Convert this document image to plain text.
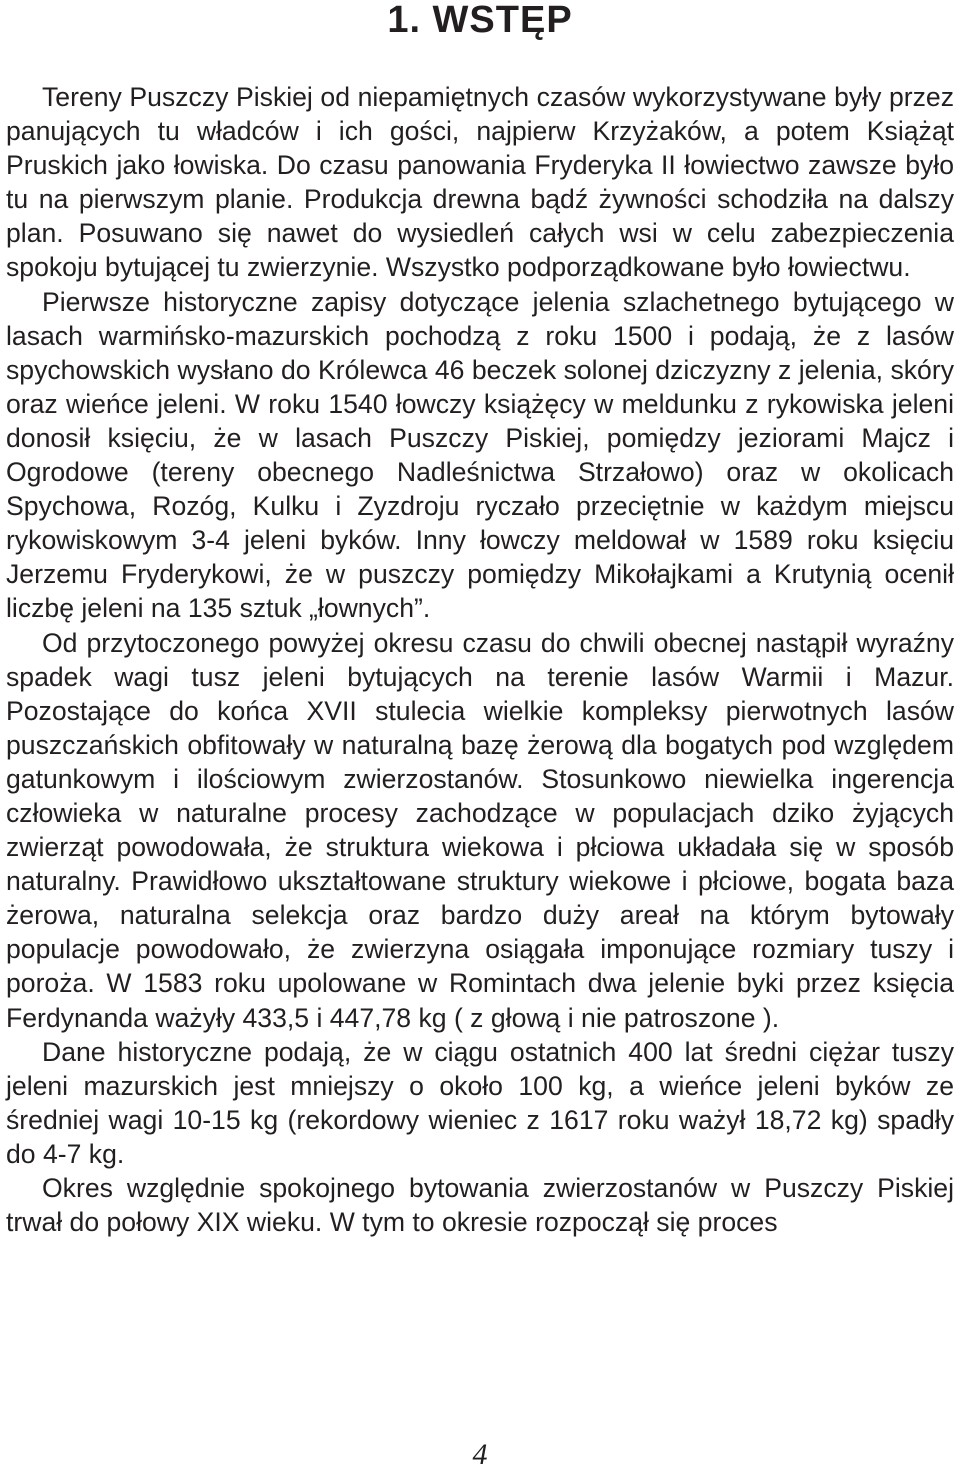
1. WSTĘP

Tereny Puszczy Piskiej od niepamiętnych czasów wykorzystywane były przez panujących tu władców i ich gości, najpierw Krzyżaków, a potem Książąt Pruskich jako łowiska. Do czasu panowania Fryderyka II łowiectwo zawsze było tu na pierwszym planie. Produkcja drewna bądź żywności schodziła na dalszy plan. Posuwano się nawet do wysiedleń całych wsi w celu zabezpieczenia spokoju bytującej tu zwierzynie. Wszystko podporządkowane było łowiectwu.

Pierwsze historyczne zapisy dotyczące jelenia szlachetnego bytującego w lasach warmińsko-mazurskich pochodzą z roku 1500 i podają, że z lasów spychowskich wysłano do Królewca 46 beczek solonej dziczyzny z jelenia, skóry oraz wieńce jeleni. W roku 1540 łowczy książęcy w meldunku z rykowiska jeleni donosił księciu, że w lasach Puszczy Piskiej, pomiędzy jeziorami Majcz i Ogrodowe (tereny obecnego Nadleśnictwa Strzałowo) oraz w okolicach Spychowa, Rozóg, Kulku i Zyzdroju ryczało przeciętnie w każdym miejscu rykowiskowym 3-4 jeleni byków. Inny łowczy meldował w 1589 roku księciu Jerzemu Fryderykowi, że w puszczy pomiędzy Mikołajkami a Krutynią ocenił liczbę jeleni na 135 sztuk „łownych”.

Od przytoczonego powyżej okresu czasu do chwili obecnej nastąpił wyraźny spadek wagi tusz jeleni bytujących na terenie lasów Warmii i Mazur. Pozostające do końca XVII stulecia wielkie kompleksy pierwotnych lasów puszczańskich obfitowały w naturalną bazę żerową dla bogatych pod względem gatunkowym i ilościowym zwierzostanów. Stosunkowo niewielka ingerencja człowieka w naturalne procesy zachodzące w populacjach dziko żyjących zwierząt powodowała, że struktura wiekowa i płciowa układała się w sposób naturalny. Prawidłowo ukształtowane struktury wiekowe i płciowe, bogata baza żerowa, naturalna selekcja oraz bardzo duży areał na którym bytowały populacje powodowało, że zwierzyna osiągała imponujące rozmiary tuszy i poroża. W 1583 roku upolowane w Romintach dwa jelenie byki przez księcia Ferdynanda ważyły 433,5 i 447,78 kg ( z głową i nie patroszone ).

Dane historyczne podają, że w ciągu ostatnich 400 lat średni ciężar tuszy jeleni mazurskich jest mniejszy o około 100 kg, a wieńce jeleni byków ze średniej wagi 10-15 kg (rekordowy wieniec z 1617 roku ważył 18,72 kg) spadły do 4-7 kg.

Okres względnie spokojnego bytowania zwierzostanów w Puszczy Piskiej trwał do połowy XIX wieku. W tym to okresie rozpoczął się proces

4
